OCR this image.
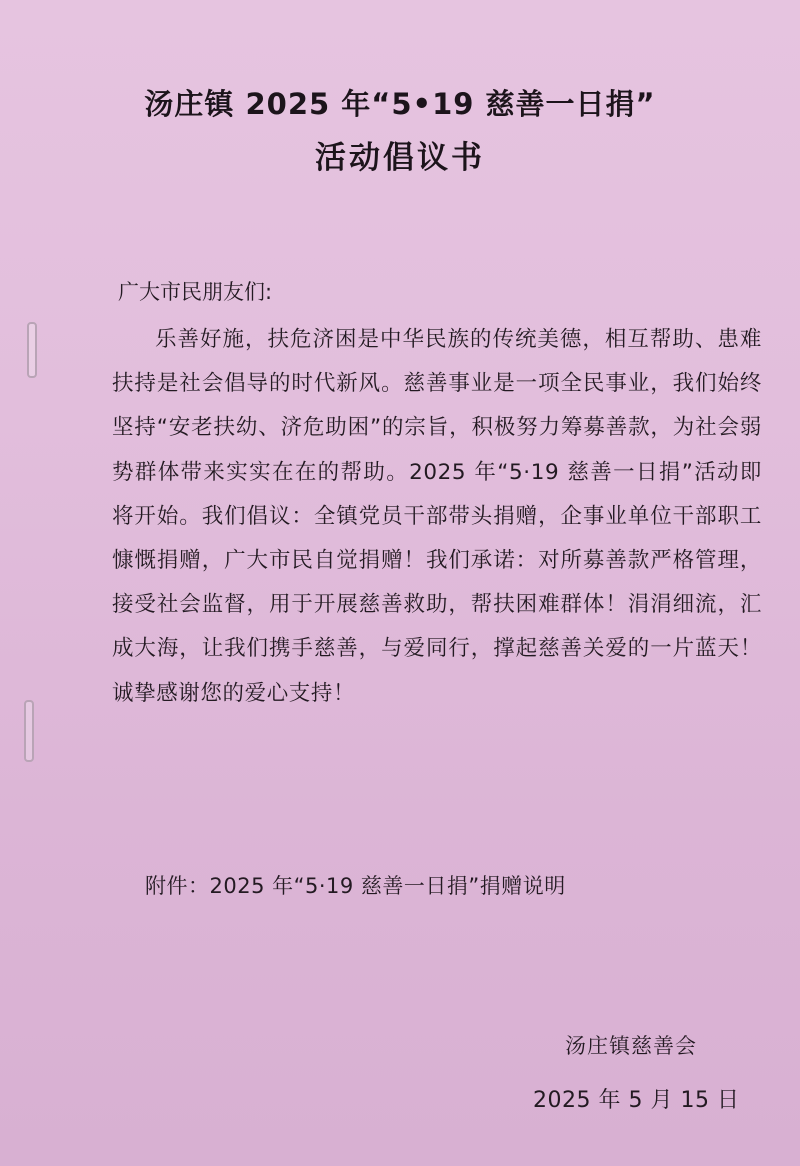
汤庄镇 2025 年“5•19 慈善一日捐”
活动倡议书
广大市民朋友们:

乐善好施，扶危济困是中华民族的传统美德，相互帮助、患难扶持是社会倡导的时代新风。慈善事业是一项全民事业，我们始终坚持“安老扶幼、济危助困”的宗旨，积极努力筹募善款，为社会弱势群体带来实实在在的帮助。2025 年“5·19 慈善一日捐”活动即将开始。我们倡议：全镇党员干部带头捐赠，企事业单位干部职工慷慨捐赠，广大市民自觉捐赠！我们承诺：对所募善款严格管理，接受社会监督，用于开展慈善救助，帮扶困难群体！涓涓细流，汇成大海，让我们携手慈善，与爱同行，撑起慈善关爱的一片蓝天！诚挚感谢您的爱心支持！

附件：2025 年“5·19 慈善一日捐”捐赠说明
汤庄镇慈善会
2025 年 5 月 15 日
